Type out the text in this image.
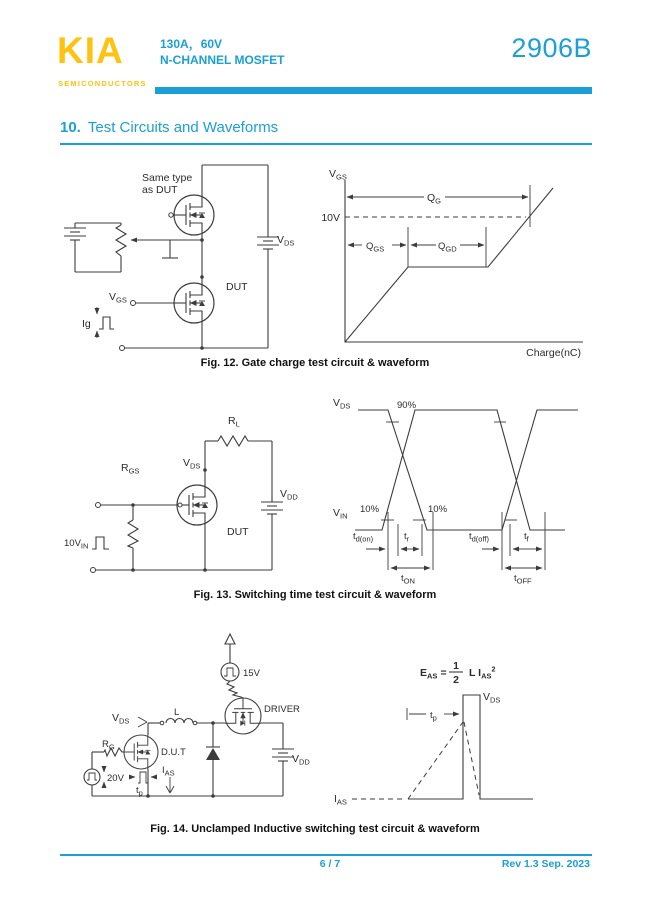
KIA
SEMICONDUCTORS
130A，60V
N-CHANNEL MOSFET	2906B
10. Test Circuits and Waveforms
Same type
as DUT
DUT
$V_{DS}$
$V_{GS}$
Ig
$V_{GS}$
10V
$Q_G$
$Q_{GS}$	$Q_{GD}$
Charge(nC)
$R_L$
$V_{DS}$
$R_{GS}$
$V_{DD}$
DUT
$10V_{IN}$
$V_{DS}$
$V_{IN}$
90%
10%	10%
$t_{d(on)}$	$t_r$	$t_{d(off)}$	$t_f$
$t_{ON}$	$t_{OFF}$
15V
DRIVER
$V_{DS}$
L
D.U.T
$R_G$
20V
$t_p$
$I_{AS}$
$V_{DD}$
$E_{AS}$ =
1
2
L $I_{AS}^2$
$t_p$
$V_{DS}$
$I_{AS}$
Fig. 12. Gate charge test circuit & waveform
Fig. 13. Switching time test circuit & waveform
Fig. 14. Unclamped Inductive switching test circuit & waveform
6 / 7	Rev 1.3 Sep. 2023
